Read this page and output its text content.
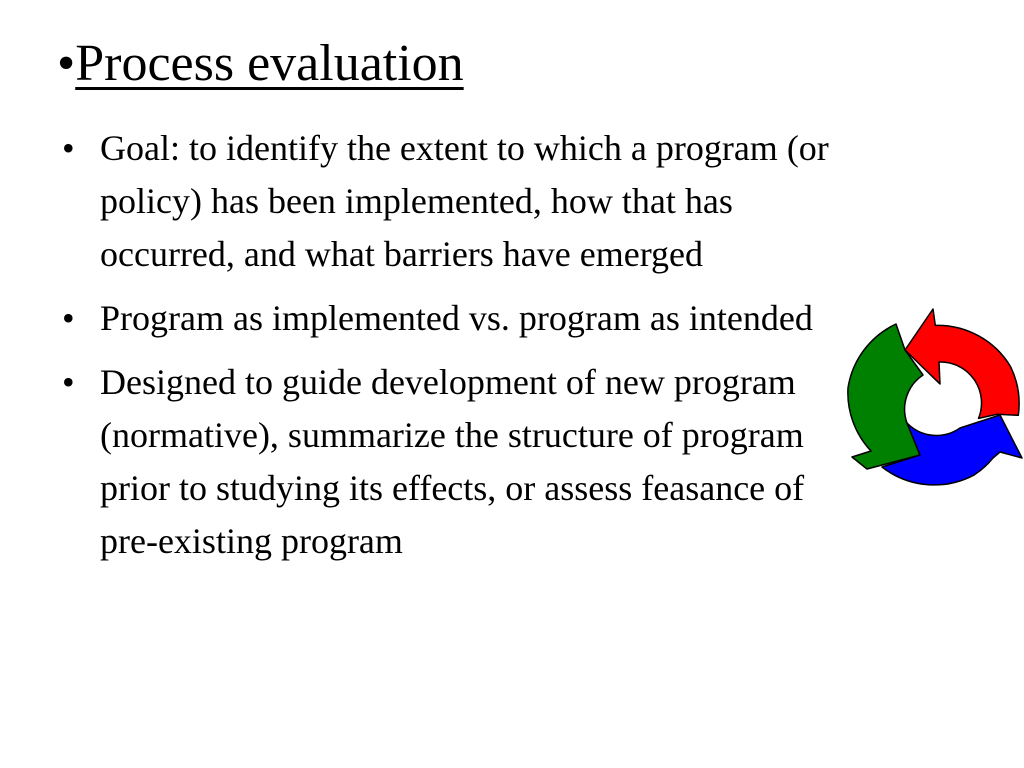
•Process evaluation
• Goal: to identify the extent to which a program (or policy) has been implemented, how that has occurred, and what barriers have emerged
• Program as implemented vs. program as intended
• Designed to guide development of new program (normative), summarize the structure of program prior to studying its effects, or assess feasance of pre-existing program
